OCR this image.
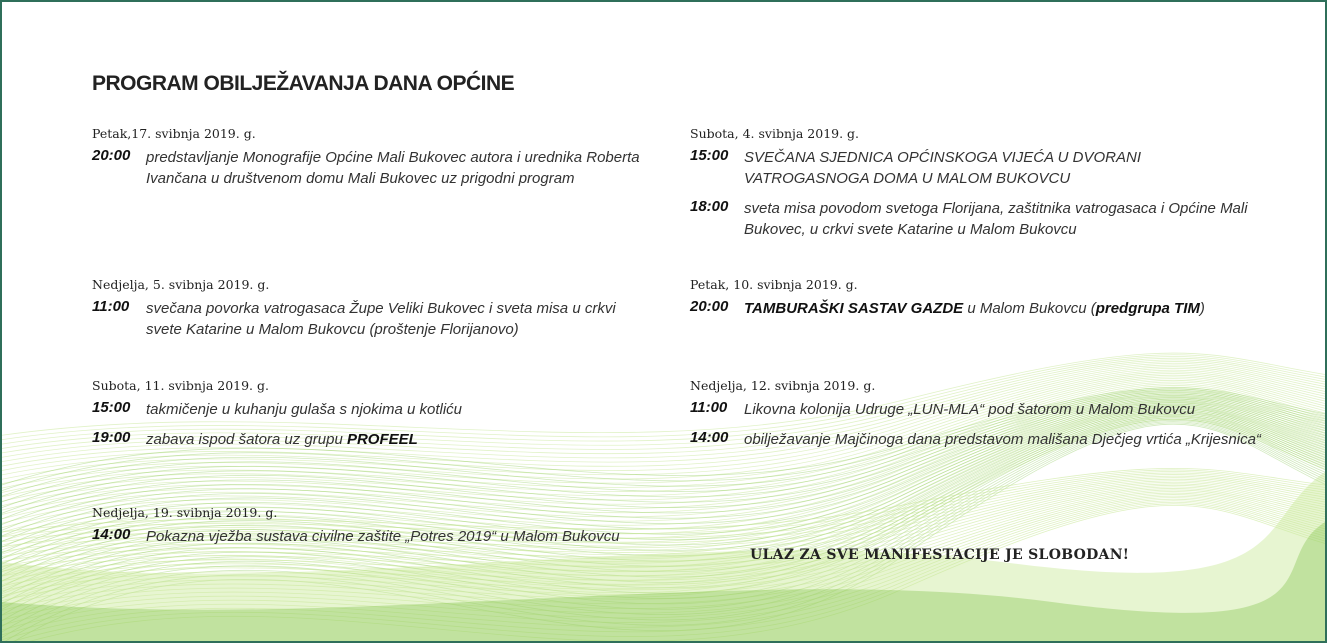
PROGRAM OBILJEŽAVANJA DANA OPĆINE
Petak,17. svibnja 2019. g.
20:00	predstavljanje Monografije Općine Mali Bukovec autora i urednika Roberta Ivančana u društvenom domu Mali Bukovec uz prigodni program
Nedjelja, 5. svibnja 2019. g.
11:00	svečana povorka vatrogasaca Župe Veliki Bukovec i sveta misa u crkvi svete Katarine u Malom Bukovcu (proštenje Florijanovo)
Subota, 11. svibnja 2019. g.
15:00	takmičenje u kuhanju gulaša s njokima u kotliću
19:00	zabava ispod šatora uz grupu PROFEEL
Nedjelja, 19. svibnja 2019. g.
14:00	Pokazna vježba sustava civilne zaštite „Potres 2019“ u Malom Bukovcu
Subota, 4. svibnja 2019. g.
15:00	SVEČANA SJEDNICA OPĆINSKOGA VIJEĆA U DVORANI VATROGASNOGA DOMA U MALOM BUKOVCU
18:00	sveta misa povodom svetoga Florijana, zaštitnika vatrogasaca i Općine Mali Bukovec, u crkvi svete Katarine u Malom Bukovcu
Petak, 10. svibnja 2019. g.
20:00	TAMBURAŠKI SASTAV GAZDE u Malom Bukovcu (predgrupa TIM)
Nedjelja, 12. svibnja 2019. g.
11:00	Likovna kolonija Udruge „LUN-MLA“ pod šatorom u Malom Bukovcu
14:00	obilježavanje Majčinoga dana predstavom mališana Dječjeg vrtića „Krijesnica“
ULAZ ZA SVE MANIFESTACIJE JE SLOBODAN!
